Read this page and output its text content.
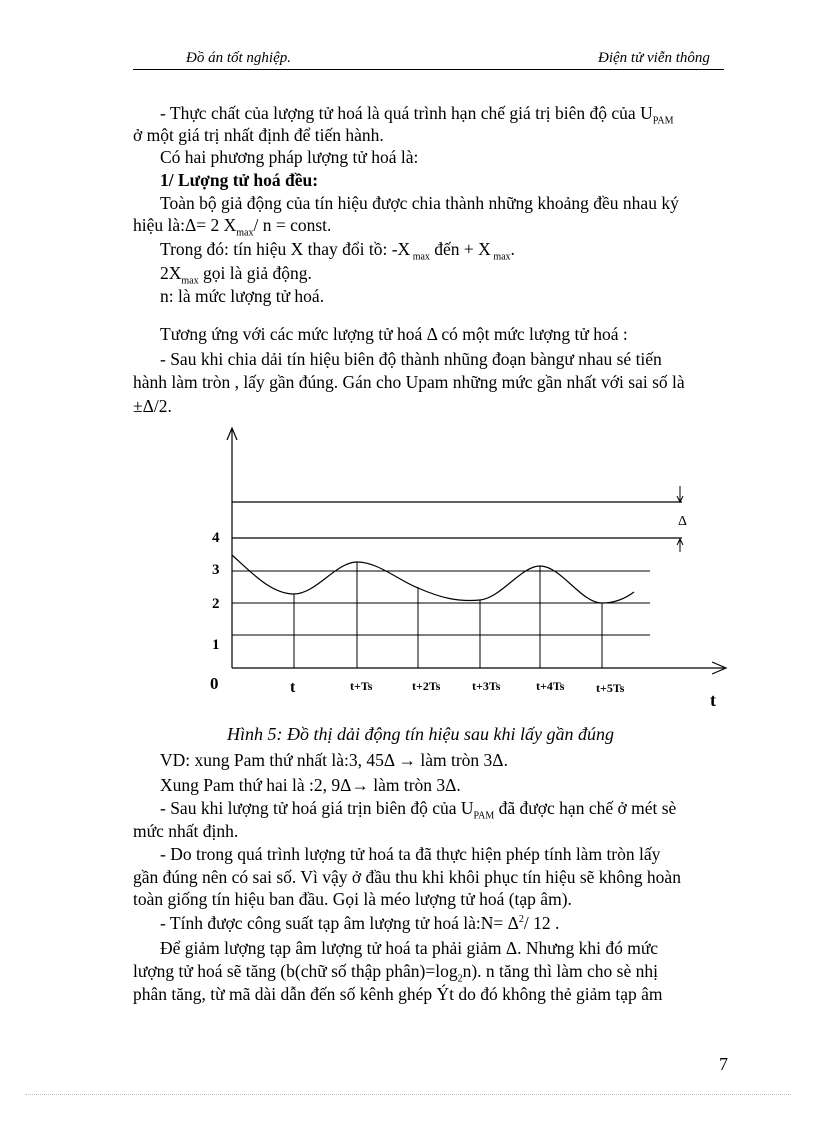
Đồ án tốt nghiệp.	Điện tử viễn thông
- Thực chất của lượng tử hoá là quá trình hạn chế giá trị biên độ của $U_{PAM}$
ở một giá trị nhất định để tiến hành.
Có hai phương pháp lượng tử hoá là:
1/ Lượng tử hoá đều:
Toàn bộ giả động của tín hiệu được chia thành những khoảng đều nhau ký
hiệu là:Δ= 2 $X_{max}/$ n = const.
Trong đó: tín hiệu X thay đổi tồ: -X $_{max}$ đến + X $_{max}$.
$2X_{max}$ gọi là giả động.
n: là mức lượng tử hoá.
Tương ứng với các mức lượng tử hoá Δ có một mức lượng tử hoá :
- Sau khi chia dải tín hiệu biên độ thành nhũng đoạn bàngư nhau sé tiến
hành làm tròn , lấy gần đúng. Gán cho Upam những mức gần nhất với sai số là
±Δ/2.
Δ
4
3
2
1
0	t	t+Ts	t+2Ts	t+3Ts	t+4Ts	t+5Ts
t
Hình 5: Đồ thị dải động tín hiệu sau khi lấy gần đúng
VD: xung Pam thứ nhất là:3, 45Δ → làm tròn 3Δ.
Xung Pam thứ hai là :2, 9Δ→ làm tròn 3Δ.
- Sau khi lượng tử hoá giá trịn biên độ của $U_{PAM}$ đã được hạn chế ở mét sè
mức nhất định.
- Do trong quá trình lượng tử hoá ta đã thực hiện phép tính làm tròn lấy
gần đúng nên có sai số. Vì vậy ở đầu thu khi khôi phục tín hiệu sẽ không hoàn
toàn giống tín hiệu ban đầu. Gọi là méo lượng tử hoá (tạp âm).
- Tính được công suất tạp âm lượng tử hoá là:N= $\Delta^2/$ 12 .
Để giảm lượng tạp âm lượng tử hoá ta phải giảm Δ. Nhưng khi đó mức
lượng tử hoá sẽ tăng (b(chữ số thập $phân)=\log_2n$). n tăng thì làm cho sè nhị
phân tăng, từ mã dài dẫn đến số kênh ghép Ýt do đó không thẻ giảm tạp âm
7
